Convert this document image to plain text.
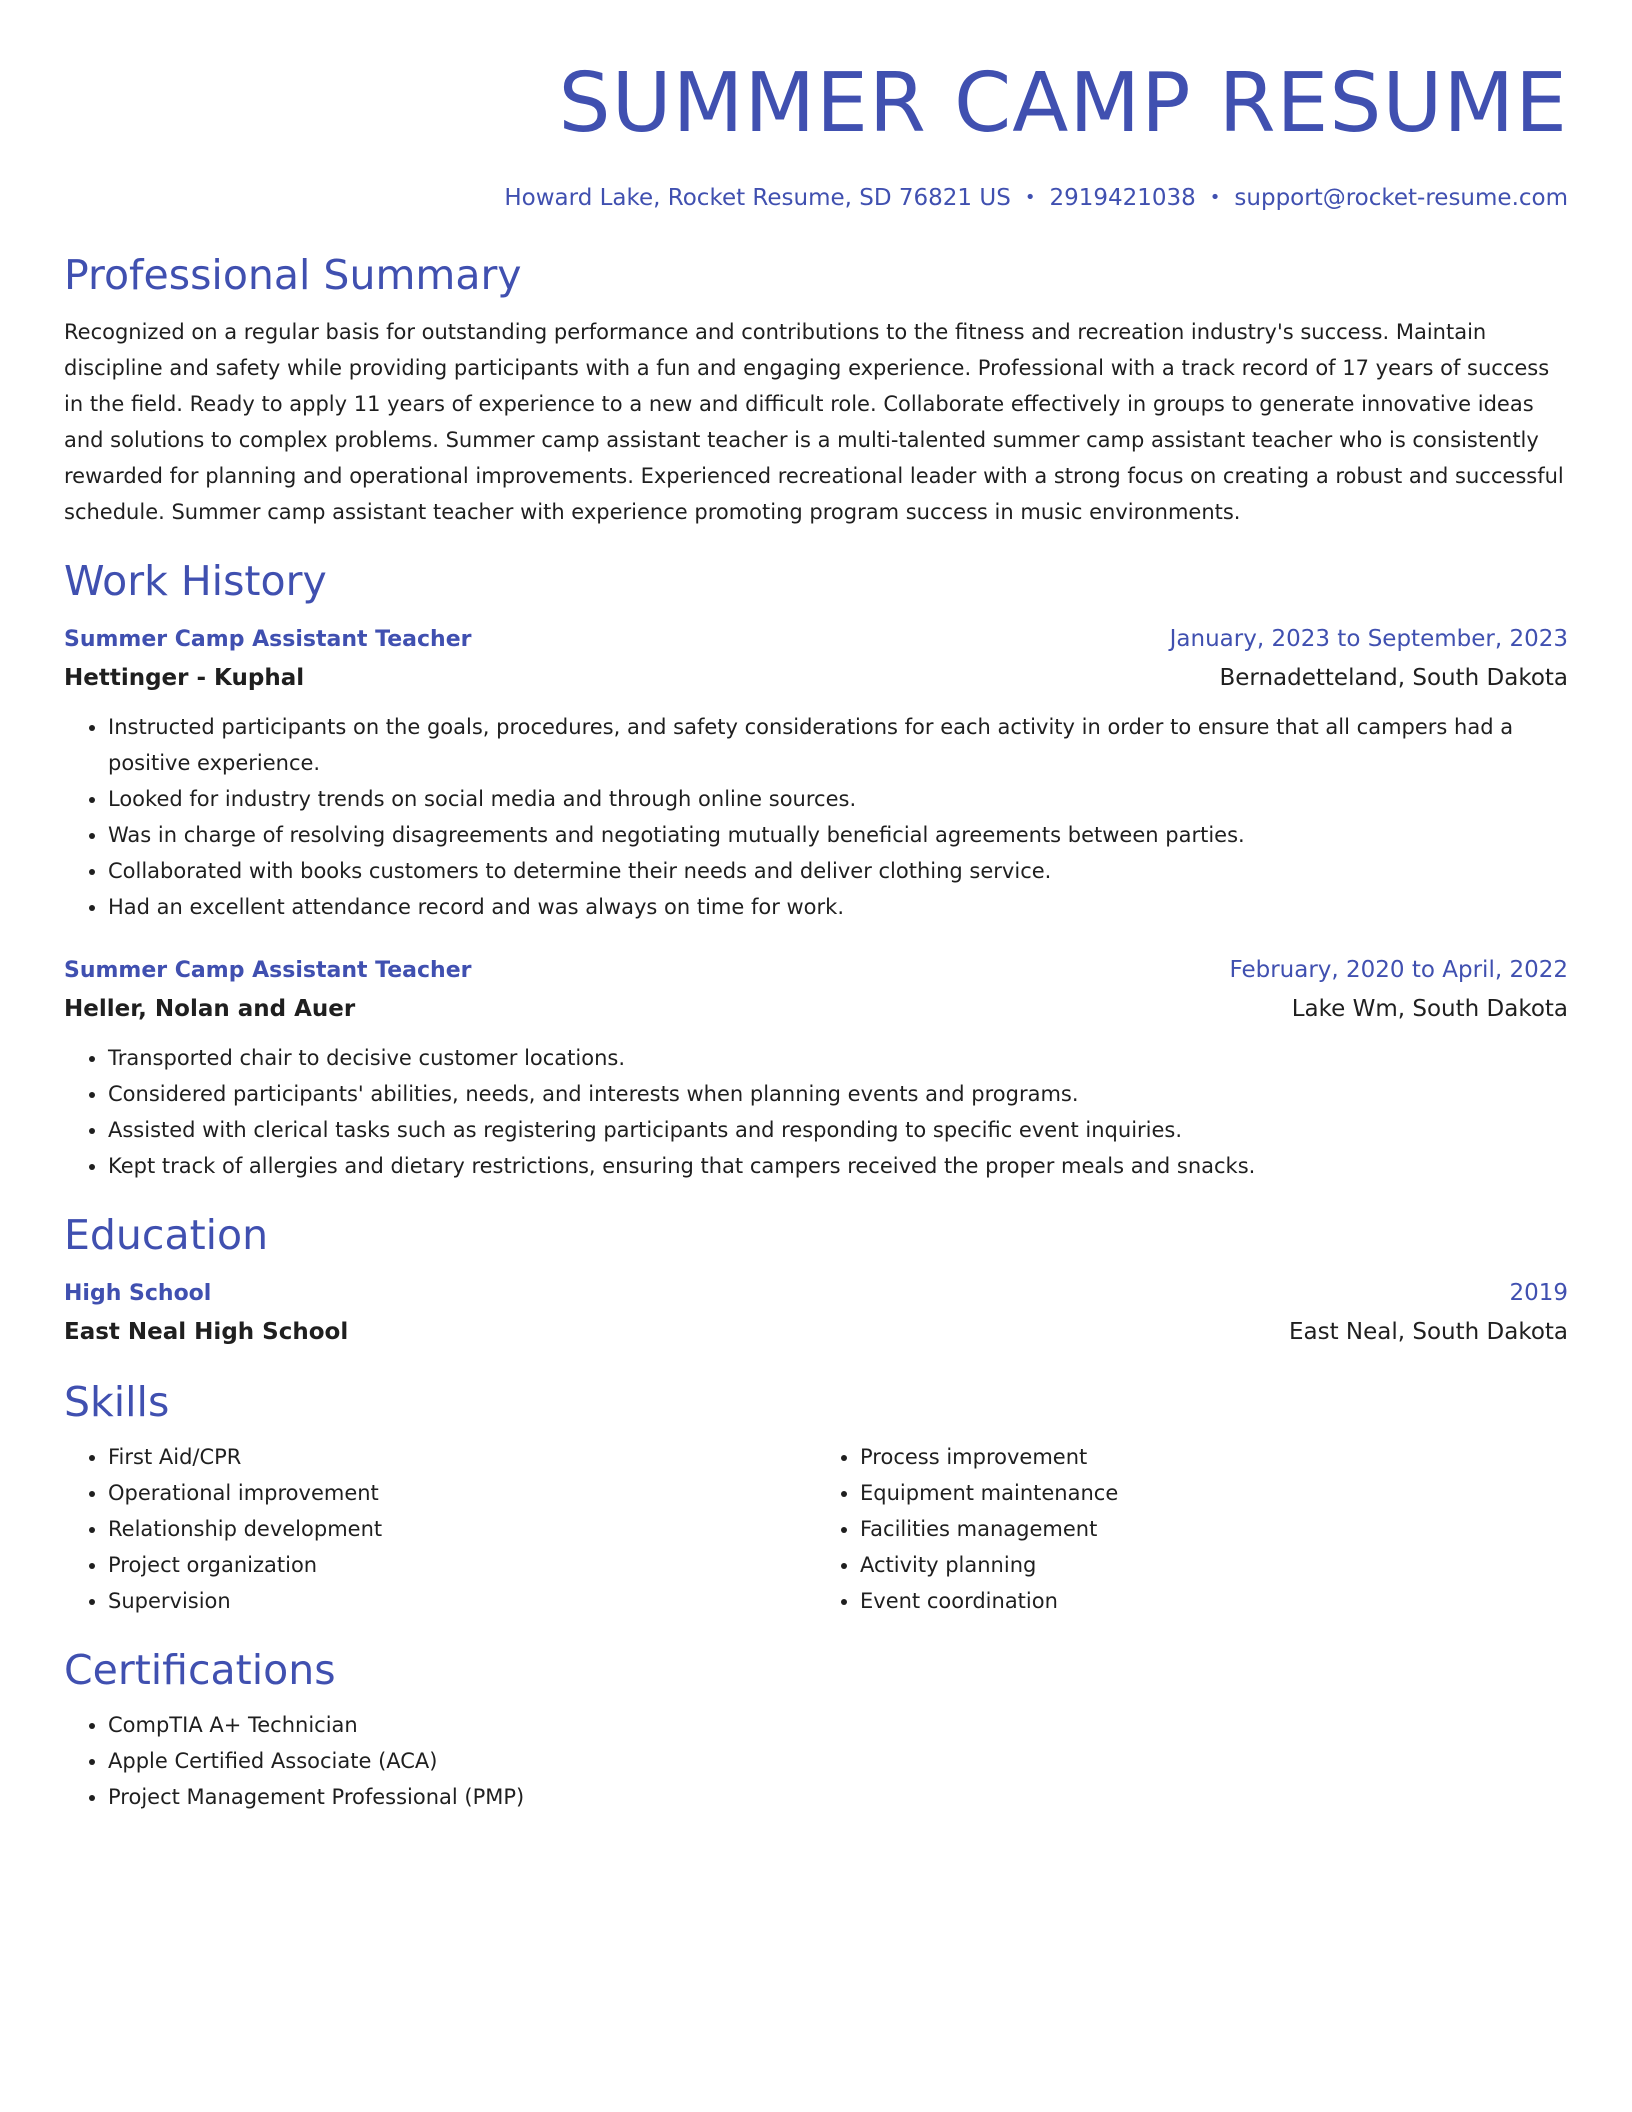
SUMMER CAMP RESUME
Howard Lake, Rocket Resume, SD 76821 US • 2919421038 • support@rocket-resume.com
Professional Summary
Recognized on a regular basis for outstanding performance and contributions to the fitness and recreation industry's success. Maintain discipline and safety while providing participants with a fun and engaging experience. Professional with a track record of 17 years of success in the field. Ready to apply 11 years of experience to a new and difficult role. Collaborate effectively in groups to generate innovative ideas and solutions to complex problems. Summer camp assistant teacher is a multi-talented summer camp assistant teacher who is consistently rewarded for planning and operational improvements. Experienced recreational leader with a strong focus on creating a robust and successful schedule. Summer camp assistant teacher with experience promoting program success in music environments.
Work History
Summer Camp Assistant Teacher	January, 2023 to September, 2023
Hettinger - Kuphal	Bernadetteland, South Dakota
• Instructed participants on the goals, procedures, and safety considerations for each activity in order to ensure that all campers had a positive experience.
• Looked for industry trends on social media and through online sources.
• Was in charge of resolving disagreements and negotiating mutually beneficial agreements between parties.
• Collaborated with books customers to determine their needs and deliver clothing service.
• Had an excellent attendance record and was always on time for work.
Summer Camp Assistant Teacher	February, 2020 to April, 2022
Heller, Nolan and Auer	Lake Wm, South Dakota
• Transported chair to decisive customer locations.
• Considered participants' abilities, needs, and interests when planning events and programs.
• Assisted with clerical tasks such as registering participants and responding to specific event inquiries.
• Kept track of allergies and dietary restrictions, ensuring that campers received the proper meals and snacks.
Education
High School	2019
East Neal High School	East Neal, South Dakota
Skills
• First Aid/CPR
• Operational improvement
• Relationship development
• Project organization
• Supervision
• Process improvement
• Equipment maintenance
• Facilities management
• Activity planning
• Event coordination
Certifications
• CompTIA A+ Technician
• Apple Certified Associate (ACA)
• Project Management Professional (PMP)
